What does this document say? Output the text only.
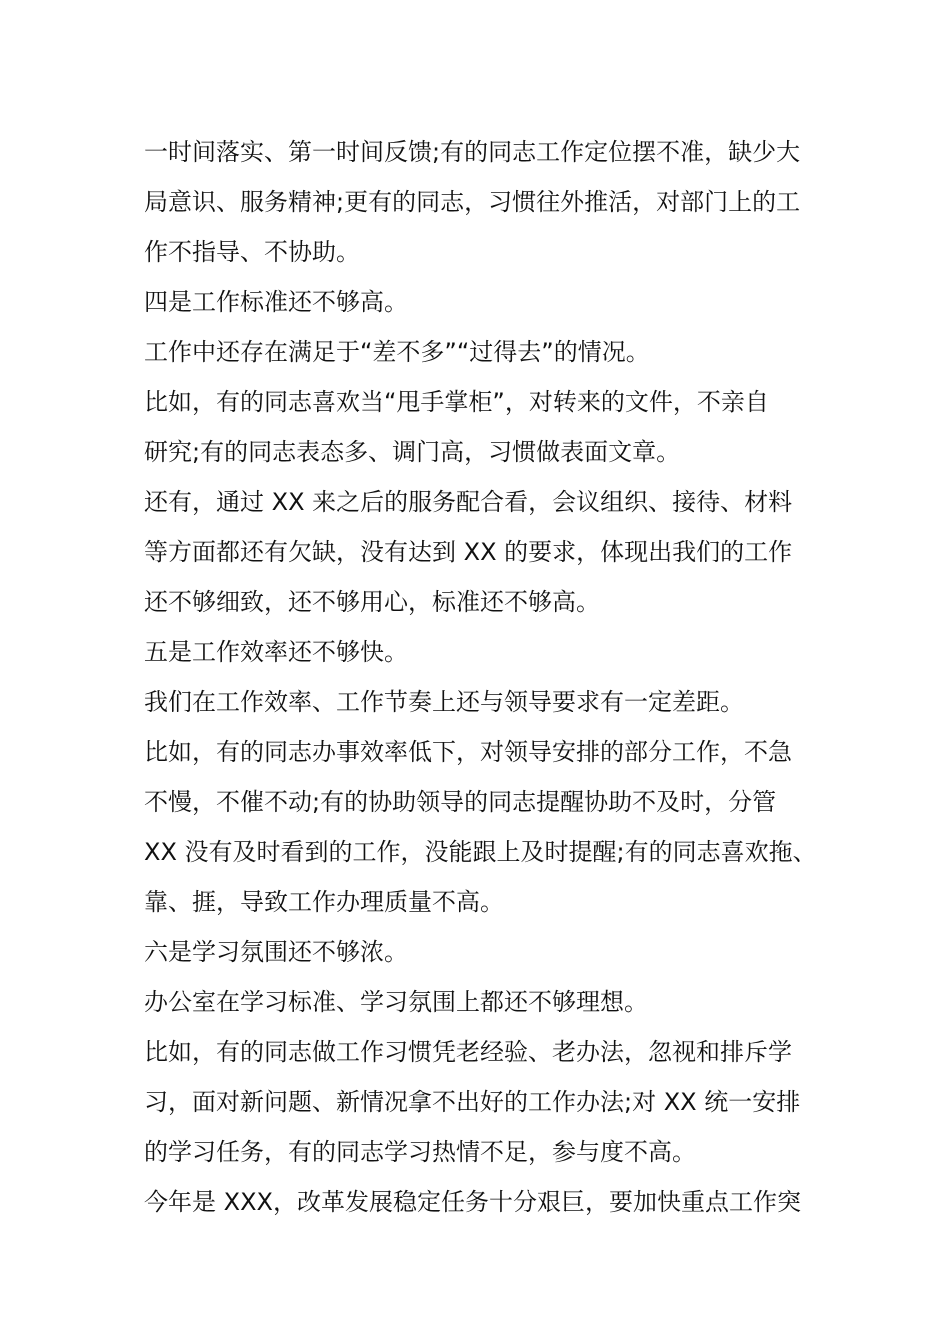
一时间落实、第一时间反馈;有的同志工作定位摆不准，缺少大
局意识、服务精神;更有的同志，习惯往外推活，对部门上的工
作不指导、不协助。
四是工作标准还不够高。
工作中还存在满足于“差不多”“过得去”的情况。
比如，有的同志喜欢当“甩手掌柜”，对转来的文件，不亲自
研究;有的同志表态多、调门高，习惯做表面文章。
还有，通过 XX 来之后的服务配合看，会议组织、接待、材料
等方面都还有欠缺，没有达到 XX 的要求，体现出我们的工作
还不够细致，还不够用心，标准还不够高。
五是工作效率还不够快。
我们在工作效率、工作节奏上还与领导要求有一定差距。
比如，有的同志办事效率低下，对领导安排的部分工作，不急
不慢，不催不动;有的协助领导的同志提醒协助不及时，分管
XX 没有及时看到的工作，没能跟上及时提醒;有的同志喜欢拖、
靠、捱，导致工作办理质量不高。
六是学习氛围还不够浓。
办公室在学习标准、学习氛围上都还不够理想。
比如，有的同志做工作习惯凭老经验、老办法，忽视和排斥学
习，面对新问题、新情况拿不出好的工作办法;对 XX 统一安排
的学习任务，有的同志学习热情不足，参与度不高。
今年是 XXX，改革发展稳定任务十分艰巨，要加快重点工作突
